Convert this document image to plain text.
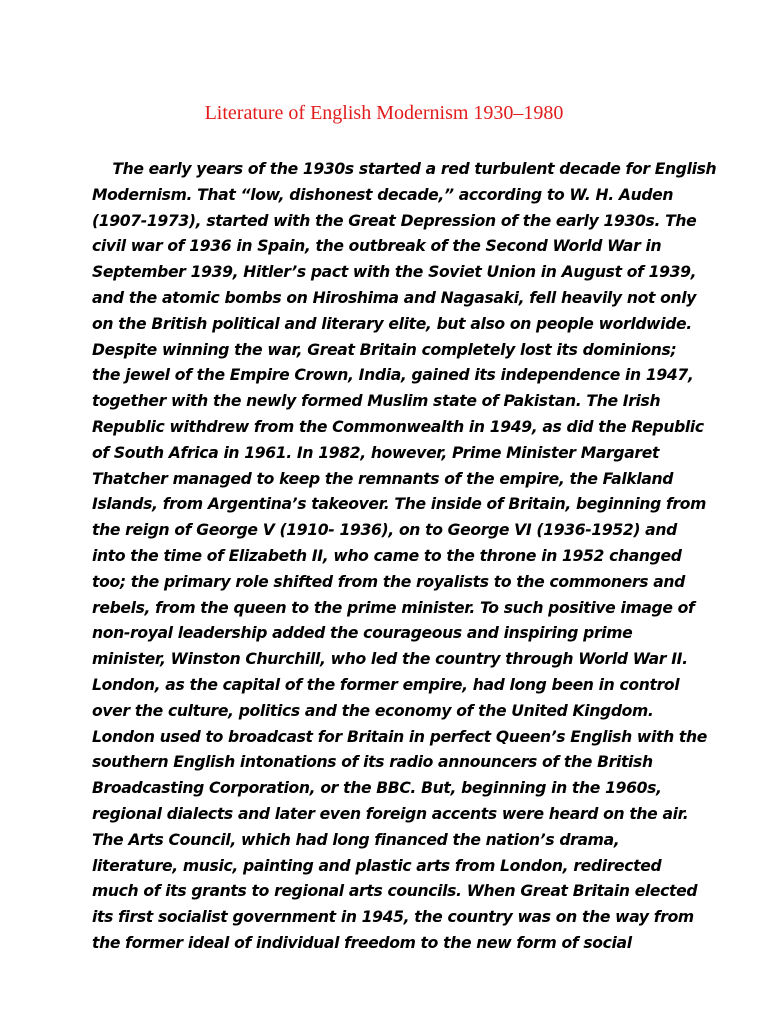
Literature of English Modernism 1930–1980
The early years of the 1930s started a red turbulent decade for English
Modernism. That “low, dishonest decade,” according to W. H. Auden
(1907-1973), started with the Great Depression of the early 1930s. The
civil war of 1936 in Spain, the outbreak of the Second World War in
September 1939, Hitler’s pact with the Soviet Union in August of 1939,
and the atomic bombs on Hiroshima and Nagasaki, fell heavily not only
on the British political and literary elite, but also on people worldwide.
Despite winning the war, Great Britain completely lost its dominions;
the jewel of the Empire Crown, India, gained its independence in 1947,
together with the newly formed Muslim state of Pakistan. The Irish
Republic withdrew from the Commonwealth in 1949, as did the Republic
of South Africa in 1961. In 1982, however, Prime Minister Margaret
Thatcher managed to keep the remnants of the empire, the Falkland
Islands, from Argentina’s takeover. The inside of Britain, beginning from
the reign of George V (1910- 1936), on to George VI (1936-1952) and
into the time of Elizabeth II, who came to the throne in 1952 changed
too; the primary role shifted from the royalists to the commoners and
rebels, from the queen to the prime minister. To such positive image of
non-royal leadership added the courageous and inspiring prime
minister, Winston Churchill, who led the country through World War II.
London, as the capital of the former empire, had long been in control
over the culture, politics and the economy of the United Kingdom.
London used to broadcast for Britain in perfect Queen’s English with the
southern English intonations of its radio announcers of the British
Broadcasting Corporation, or the BBC. But, beginning in the 1960s,
regional dialects and later even foreign accents were heard on the air.
The Arts Council, which had long financed the nation’s drama,
literature, music, painting and plastic arts from London, redirected
much of its grants to regional arts councils. When Great Britain elected
its first socialist government in 1945, the country was on the way from
the former ideal of individual freedom to the new form of social
